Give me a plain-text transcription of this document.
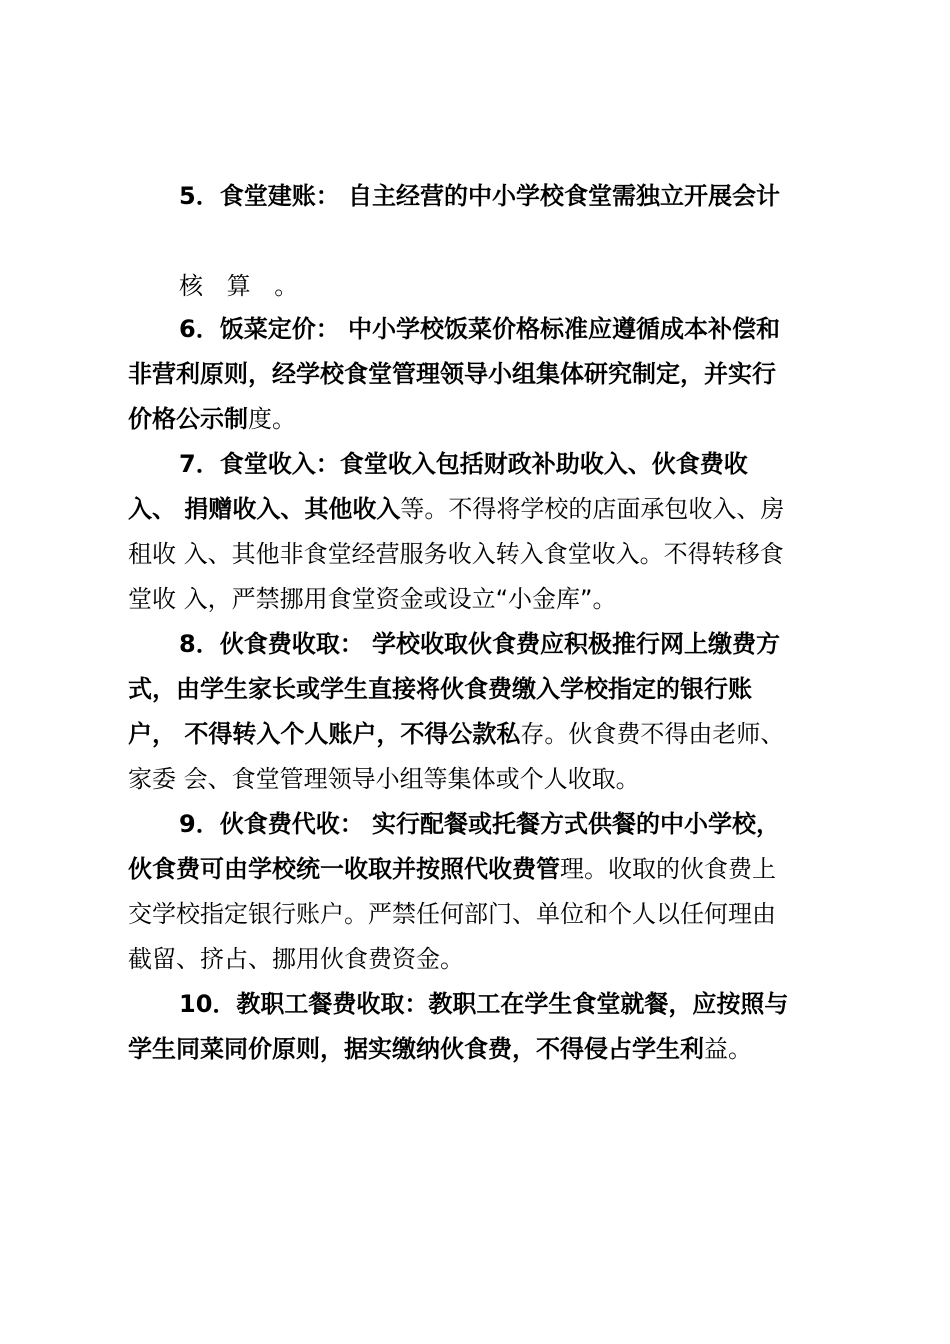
5．食堂建账： 自主经营的中小学校食堂需独立开展会计
核 算 。
6．饭菜定价： 中小学校饭菜价格标准应遵循成本补偿和
非营利原则，经学校食堂管理领导小组集体研究制定，并实行
价格公示制度。
7．食堂收入：食堂收入包括财政补助收入、伙食费收
入、 捐赠收入、其他收入等。不得将学校的店面承包收入、房
租收 入、其他非食堂经营服务收入转入食堂收入。不得转移食
堂收 入，严禁挪用食堂资金或设立“小金库”。
8．伙食费收取： 学校收取伙食费应积极推行网上缴费方
式，由学生家长或学生直接将伙食费缴入学校指定的银行账
户， 不得转入个人账户，不得公款私存。伙食费不得由老师、
家委 会、食堂管理领导小组等集体或个人收取。
9．伙食费代收： 实行配餐或托餐方式供餐的中小学校，
伙食费可由学校统一收取并按照代收费管理。收取的伙食费上
交学校指定银行账户。严禁任何部门、单位和个人以任何理由
截留、挤占、挪用伙食费资金。
10．教职工餐费收取：教职工在学生食堂就餐，应按照与
学生同菜同价原则，据实缴纳伙食费，不得侵占学生利益。
